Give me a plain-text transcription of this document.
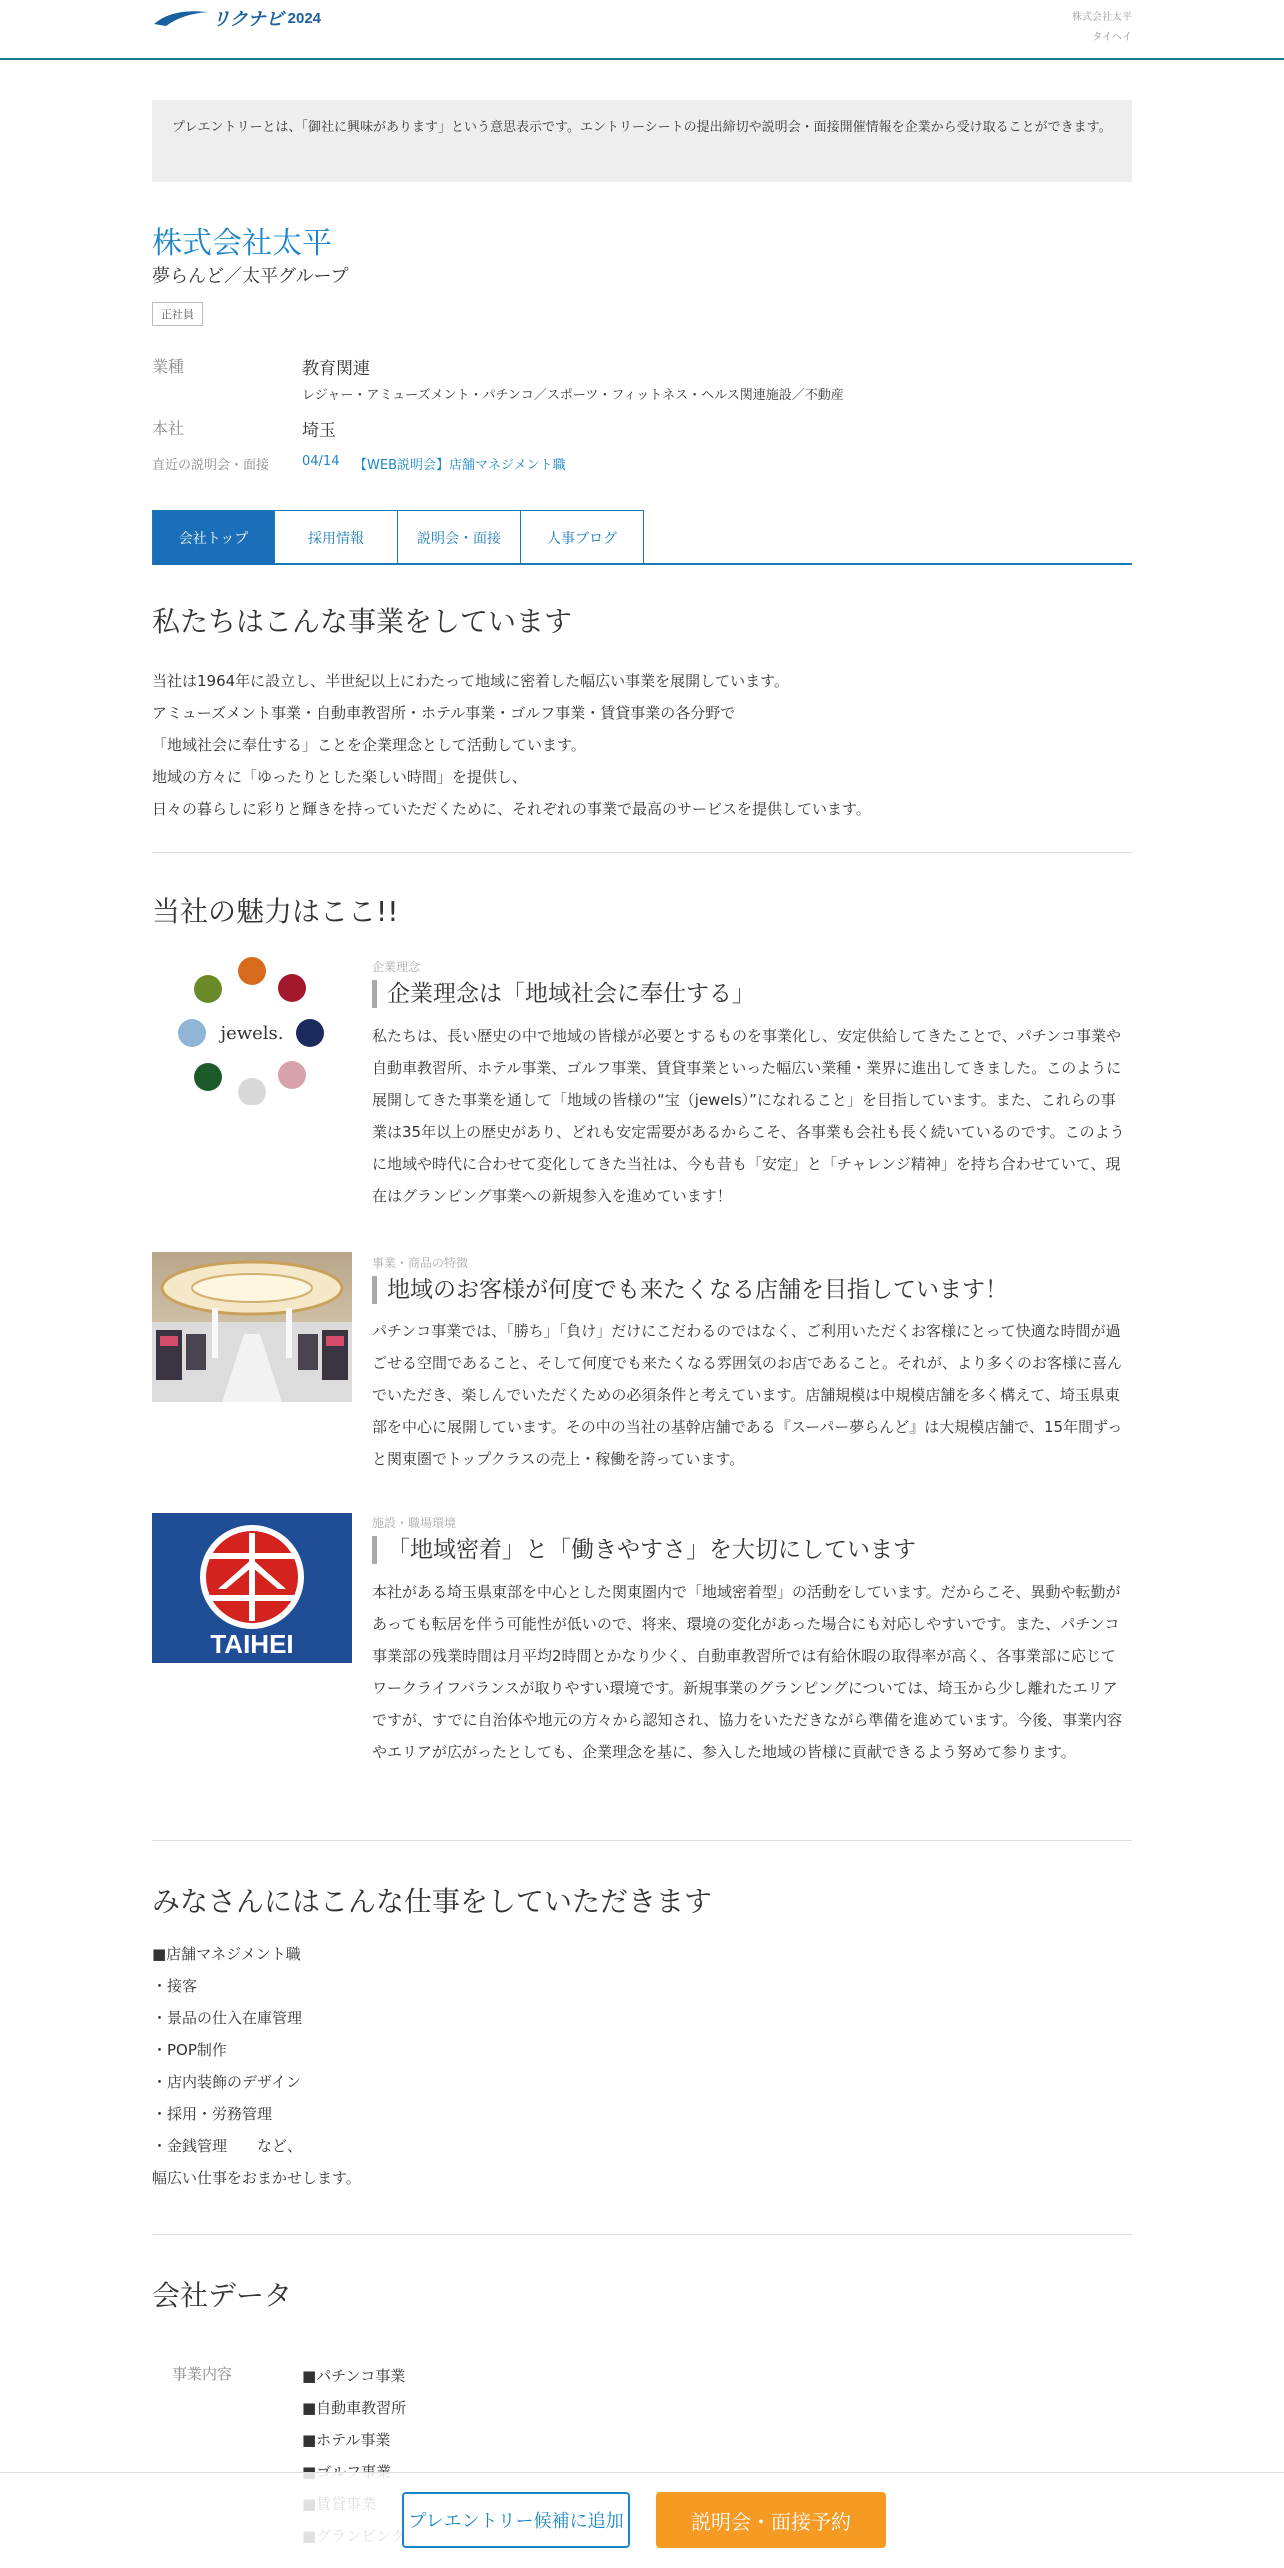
リクナビ 2024	株式会社太平
タイヘイ
プレエントリーとは、「御社に興味があります」という意思表示です。エントリーシートの提出締切や説明会・面接開催情報を企業から受け取ることができます。
株式会社太平
夢らんど／太平グループ
正社員
業種	教育関連
レジャー・アミューズメント・パチンコ／スポーツ・フィットネス・ヘルス関連施設／不動産
本社	埼玉
直近の説明会・面接	04/14 【WEB説明会】店舗マネジメント職
会社トップ	採用情報	説明会・面接	人事ブログ
私たちはこんな事業をしています
当社は1964年に設立し、半世紀以上にわたって地域に密着した幅広い事業を展開しています。
アミューズメント事業・自動車教習所・ホテル事業・ゴルフ事業・賃貸事業の各分野で
「地域社会に奉仕する」ことを企業理念として活動しています。
地域の方々に「ゆったりとした楽しい時間」を提供し、
日々の暮らしに彩りと輝きを持っていただくために、それぞれの事業で最高のサービスを提供しています。
当社の魅力はここ!!
jewels.
企業理念
企業理念は「地域社会に奉仕する」
私たちは、長い歴史の中で地域の皆様が必要とするものを事業化し、安定供給してきたことで、パチンコ事業や自動車教習所、ホテル事業、ゴルフ事業、賃貸事業といった幅広い業種・業界に進出してきました。このように展開してきた事業を通して「地域の皆様の“宝（jewels）”になれること」を目指しています。また、これらの事業は35年以上の歴史があり、どれも安定需要があるからこそ、各事業も会社も長く続いているのです。このように地域や時代に合わせて変化してきた当社は、今も昔も「安定」と「チャレンジ精神」を持ち合わせていて、現在はグランピング事業への新規参入を進めています！
事業・商品の特徴
地域のお客様が何度でも来たくなる店舗を目指しています！
パチンコ事業では、「勝ち」「負け」だけにこだわるのではなく、ご利用いただくお客様にとって快適な時間が過ごせる空間であること、そして何度でも来たくなる雰囲気のお店であること。それが、より多くのお客様に喜んでいただき、楽しんでいただくための必須条件と考えています。店舗規模は中規模店舗を多く構えて、埼玉県東部を中心に展開しています。その中の当社の基幹店舗である『スーパー夢らんど』は大規模店舗で、15年間ずっと関東圏でトップクラスの売上・稼働を誇っています。
TAIHEI
施設・職場環境
「地域密着」と「働きやすさ」を大切にしています
本社がある埼玉県東部を中心とした関東圏内で「地域密着型」の活動をしています。だからこそ、異動や転勤があっても転居を伴う可能性が低いので、将来、環境の変化があった場合にも対応しやすいです。また、パチンコ事業部の残業時間は月平均2時間とかなり少く、自動車教習所では有給休暇の取得率が高く、各事業部に応じてワークライフバランスが取りやすい環境です。新規事業のグランピングについては、埼玉から少し離れたエリアですが、すでに自治体や地元の方々から認知され、協力をいただきながら準備を進めています。今後、事業内容やエリアが広がったとしても、企業理念を基に、参入した地域の皆様に貢献できるよう努めて参ります。
みなさんにはこんな仕事をしていただきます
■店舗マネジメント職
・接客
・景品の仕入在庫管理
・POP制作
・店内装飾のデザイン
・採用・労務管理
・金銭管理　　など、
幅広い仕事をおまかせします。
会社データ
事業内容	■パチンコ事業
■自動車教習所
■ホテル事業
プレエントリー候補に追加	説明会・面接予約
